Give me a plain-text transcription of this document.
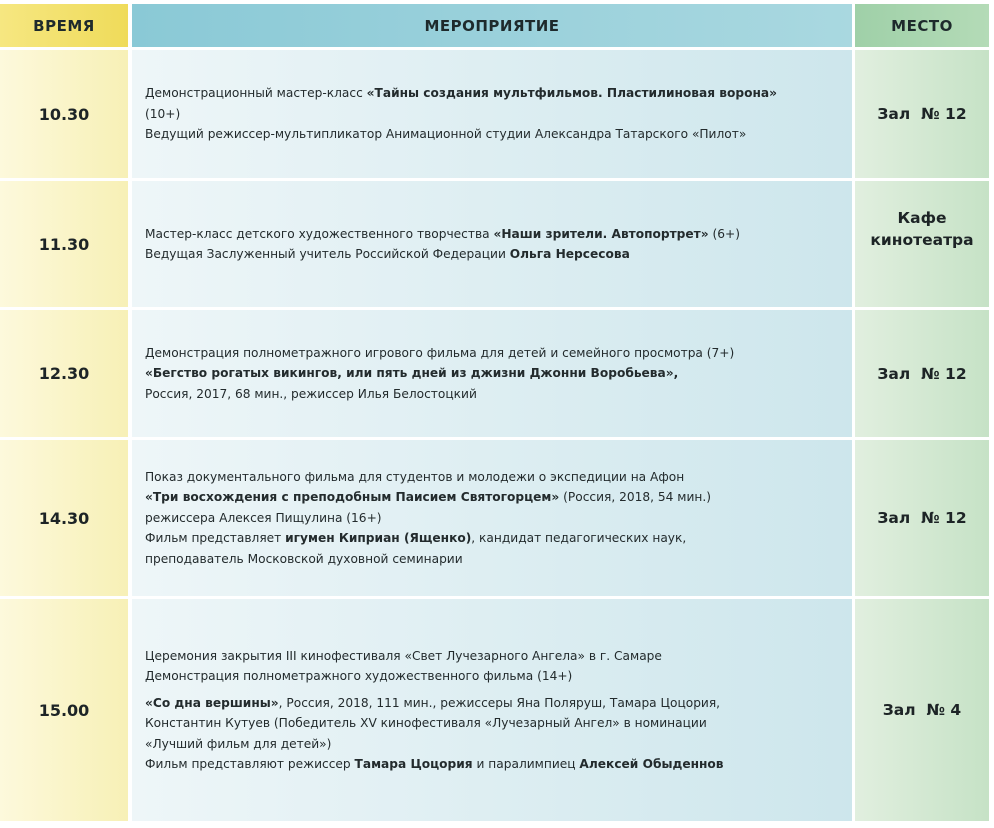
ВРЕМЯ	МЕРОПРИЯТИЕ	МЕСТО
10.30

Демонстрационный мастер-класс «Тайны создания мультфильмов. Пластилиновая ворона»

(10+)

Ведущий режиссер-мультипликатор Анимационной студии Александра Татарского «Пилот»

Зал  № 12
11.30

Мастер-класс детского художественного творчества «Наши зрители. Автопортрет» (6+)

Ведущая Заслуженный учитель Российской Федерации Ольга Нерсесова

Кафе
кинотеатра
12.30

Демонстрация полнометражного игрового фильма для детей и семейного просмотра (7+)

«Бегство рогатых викингов, или пять дней из джизни Джонни Воробьева»,

Россия, 2017, 68 мин., режиссер Илья Белостоцкий

Зал  № 12
14.30

Показ документального фильма для студентов и молодежи о экспедиции на Афон

«Три восхождения с преподобным Паисием Святогорцем» (Россия, 2018, 54 мин.)

режиссера Алексея Пищулина (16+)

Фильм представляет игумен Киприан (Ященко), кандидат педагогических наук,

преподаватель Московской духовной семинарии

Зал  № 12
15.00

Церемония закрытия III кинофестиваля «Свет Лучезарного Ангела» в г. Самаре

Демонстрация полнометражного художественного фильма (14+)

«Со дна вершины», Россия, 2018, 111 мин., режиссеры Яна Поляруш, Тамара Цоцория,

Константин Кутуев (Победитель XV кинофестиваля «Лучезарный Ангел» в номинации

«Лучший фильм для детей»)

Фильм представляют режиссер Тамара Цоцория и паралимпиец Алексей Обыденнов

Зал  № 4
